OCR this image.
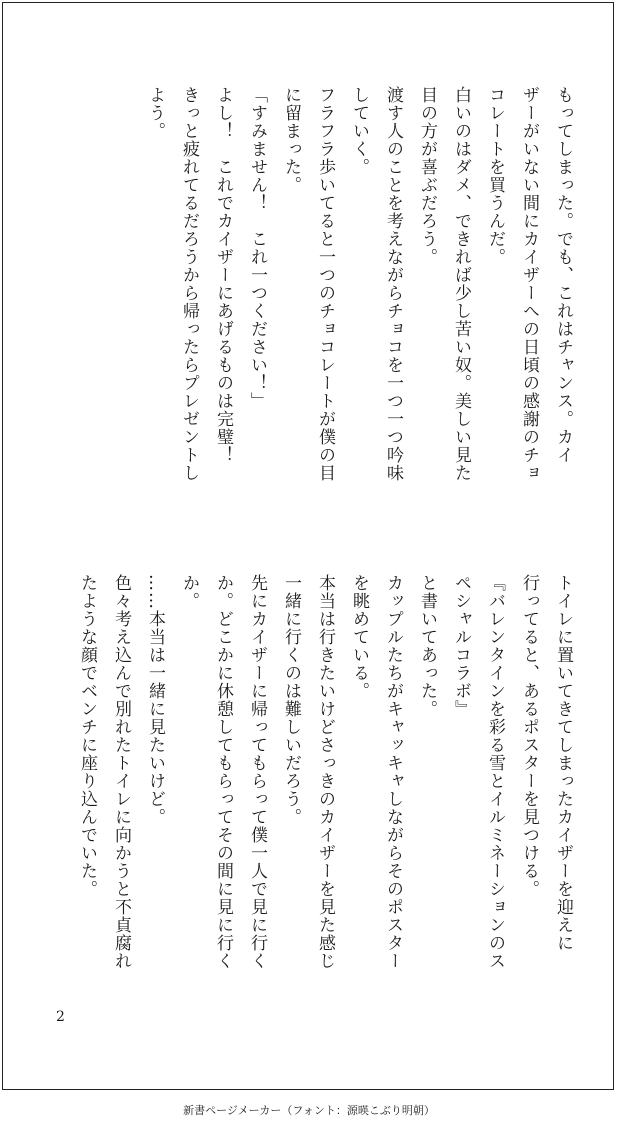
もってしまった。でも、これはチャンス。カイ

ザーがいない間にカイザーへの日頃の感謝のチョ

コレートを買うんだ。

白いのはダメ、できれば少し苦い奴。美しい見た

目の方が喜ぶだろう。

渡す人のことを考えながらチョコを一つ一つ吟味

していく。

フラフラ歩いてると一つのチョコレートが僕の目

に留まった。

「すみません！　これ一つください！」

よし！　これでカイザーにあげるものは完璧！

きっと疲れてるだろうから帰ったらプレゼントし

よう。

トイレに置いてきてしまったカイザーを迎えに

行ってると、あるポスターを見つける。

『バレンタインを彩る雪とイルミネーションのス

ペシャルコラボ』

と書いてあった。

カップルたちがキャッキャしながらそのポスター

を眺めている。

本当は行きたいけどさっきのカイザーを見た感じ

一緒に行くのは難しいだろう。

先にカイザーに帰ってもらって僕一人で見に行く

か。どこかに休憩してもらってその間に見に行く

か。

……本当は一緒に見たいけど。

色々考え込んで別れたトイレに向かうと不貞腐れ

たような顔でベンチに座り込んでいた。

2
新書ページメーカー（フォント：源暎こぶり明朝）
